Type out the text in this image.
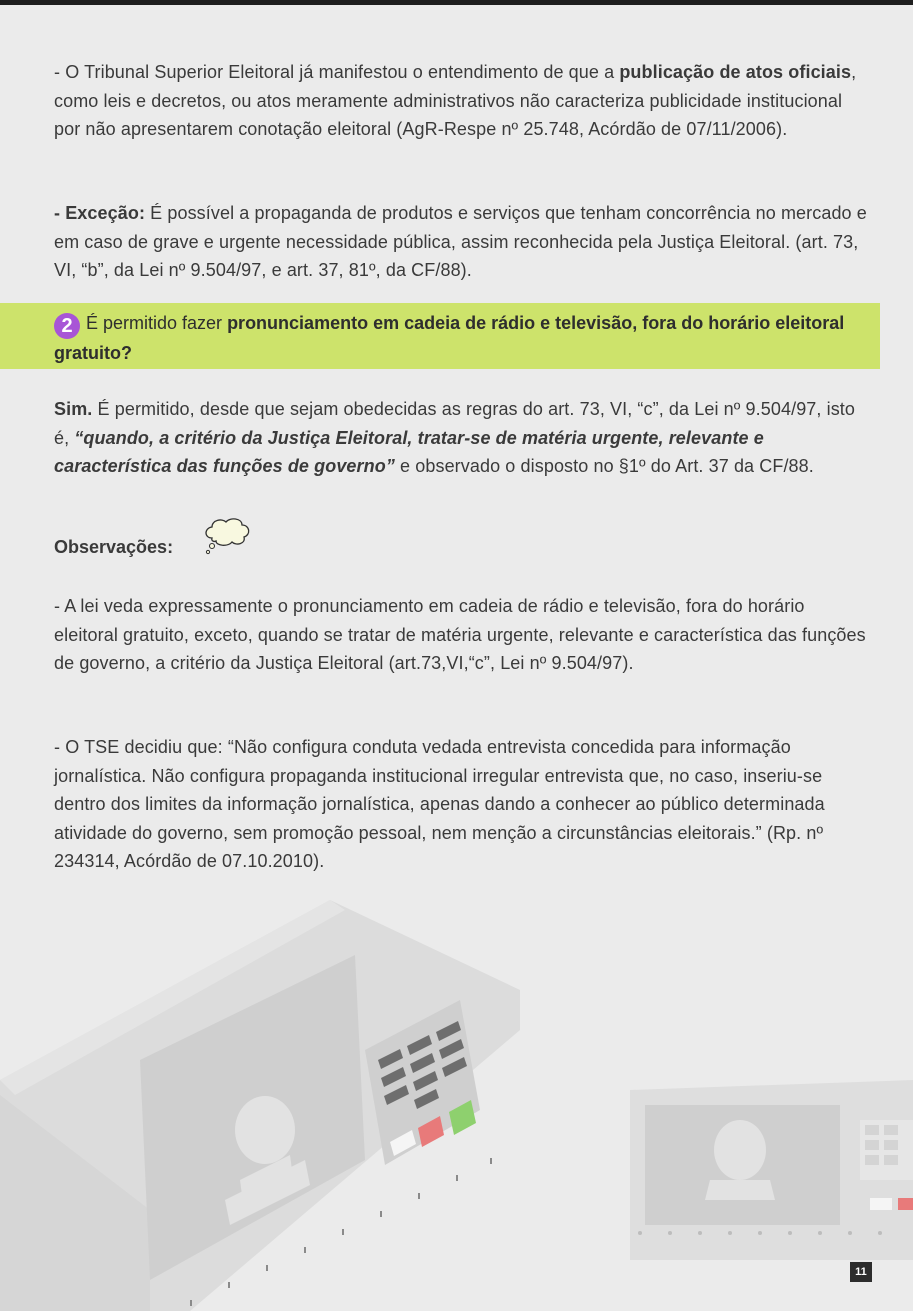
- O Tribunal Superior Eleitoral já manifestou o entendimento de que a publicação de atos oficiais, como leis e decretos, ou atos meramente administrativos não caracteriza publicidade institucional por não apresentarem conotação eleitoral (AgR-Respe nº 25.748, Acórdão de 07/11/2006).

- Exceção: É possível a propaganda de produtos e serviços que tenham concorrência no mercado e em caso de grave e urgente necessidade pública, assim reconhecida pela Justiça Eleitoral. (art. 73, VI, “b”, da Lei nº 9.504/97, e art. 37, 81º, da CF/88).

2 É permitido fazer pronunciamento em cadeia de rádio e televisão, fora do horário eleitoral gratuito?

Sim. É permitido, desde que sejam obedecidas as regras do art. 73, VI, “c”, da Lei nº 9.504/97, isto é, “quando, a critério da Justiça Eleitoral, tratar-se de matéria urgente, relevante e característica das funções de governo” e observado o disposto no §1º do Art. 37 da CF/88.

Observações:

- A lei veda expressamente o pronunciamento em cadeia de rádio e televisão, fora do horário eleitoral gratuito, exceto, quando se tratar de matéria urgente, relevante e característica das funções de governo, a critério da Justiça Eleitoral (art.73,VI,“c”, Lei nº 9.504/97).

- O TSE decidiu que: “Não configura conduta vedada entrevista concedida para informação jornalística. Não configura propaganda institucional irregular entrevista que, no caso, inseriu-se dentro dos limites da informação jornalística, apenas dando a conhecer ao público determinada atividade do governo, sem promoção pessoal, nem menção a circunstâncias eleitorais.” (Rp. nº 234314, Acórdão de 07.10.2010).

11
